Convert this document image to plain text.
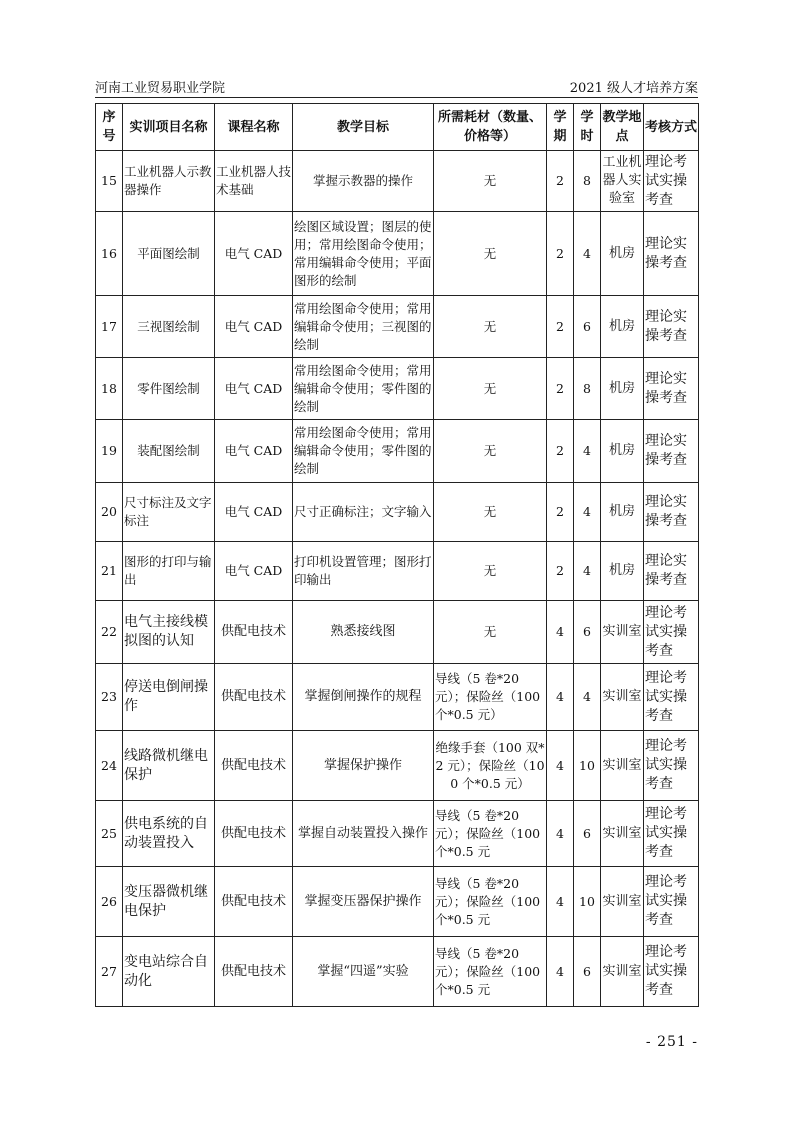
河南工业贸易职业学院	2021 级人才培养方案
序号	实训项目名称	课程名称	教学目标	所需耗材（数量、价格等）	学期	学时	教学地点	考核方式
15	工业机器人示教器操作	工业机器人技术基础	掌握示教器的操作	无	2	8	工业机器人实验室	理论考试实操考查
16	平面图绘制	电气 CAD	绘图区域设置；图层的使用；常用绘图命令使用；常用编辑命令使用；平面图形的绘制	无	2	4	机房	理论实操考查
17	三视图绘制	电气 CAD	常用绘图命令使用；常用编辑命令使用；三视图的绘制	无	2	6	机房	理论实操考查
18	零件图绘制	电气 CAD	常用绘图命令使用；常用编辑命令使用；零件图的绘制	无	2	8	机房	理论实操考查
19	装配图绘制	电气 CAD	常用绘图命令使用；常用编辑命令使用；零件图的绘制	无	2	4	机房	理论实操考查
20	尺寸标注及文字标注	电气 CAD	尺寸正确标注；文字输入	无	2	4	机房	理论实操考查
21	图形的打印与输出	电气 CAD	打印机设置管理；图形打印输出	无	2	4	机房	理论实操考查
22	电气主接线模拟图的认知	供配电技术	熟悉接线图	无	4	6	实训室	理论考试实操考查
23	停送电倒闸操作	供配电技术	掌握倒闸操作的规程	导线（5 卷*20 元）；保险丝（100 个*0.5 元）	4	4	实训室	理论考试实操考查
24	线路微机继电保护	供配电技术	掌握保护操作	绝缘手套（100 双*2 元）；保险丝（100 个*0.5 元）	4	10	实训室	理论考试实操考查
25	供电系统的自动装置投入	供配电技术	掌握自动装置投入操作	导线（5 卷*20 元）；保险丝（100 个*0.5 元	4	6	实训室	理论考试实操考查
26	变压器微机继电保护	供配电技术	掌握变压器保护操作	导线（5 卷*20 元）；保险丝（100 个*0.5 元	4	10	实训室	理论考试实操考查
27	变电站综合自动化	供配电技术	掌握“四遥”实验	导线（5 卷*20 元）；保险丝（100 个*0.5 元	4	6	实训室	理论考试实操考查
- 251 -
